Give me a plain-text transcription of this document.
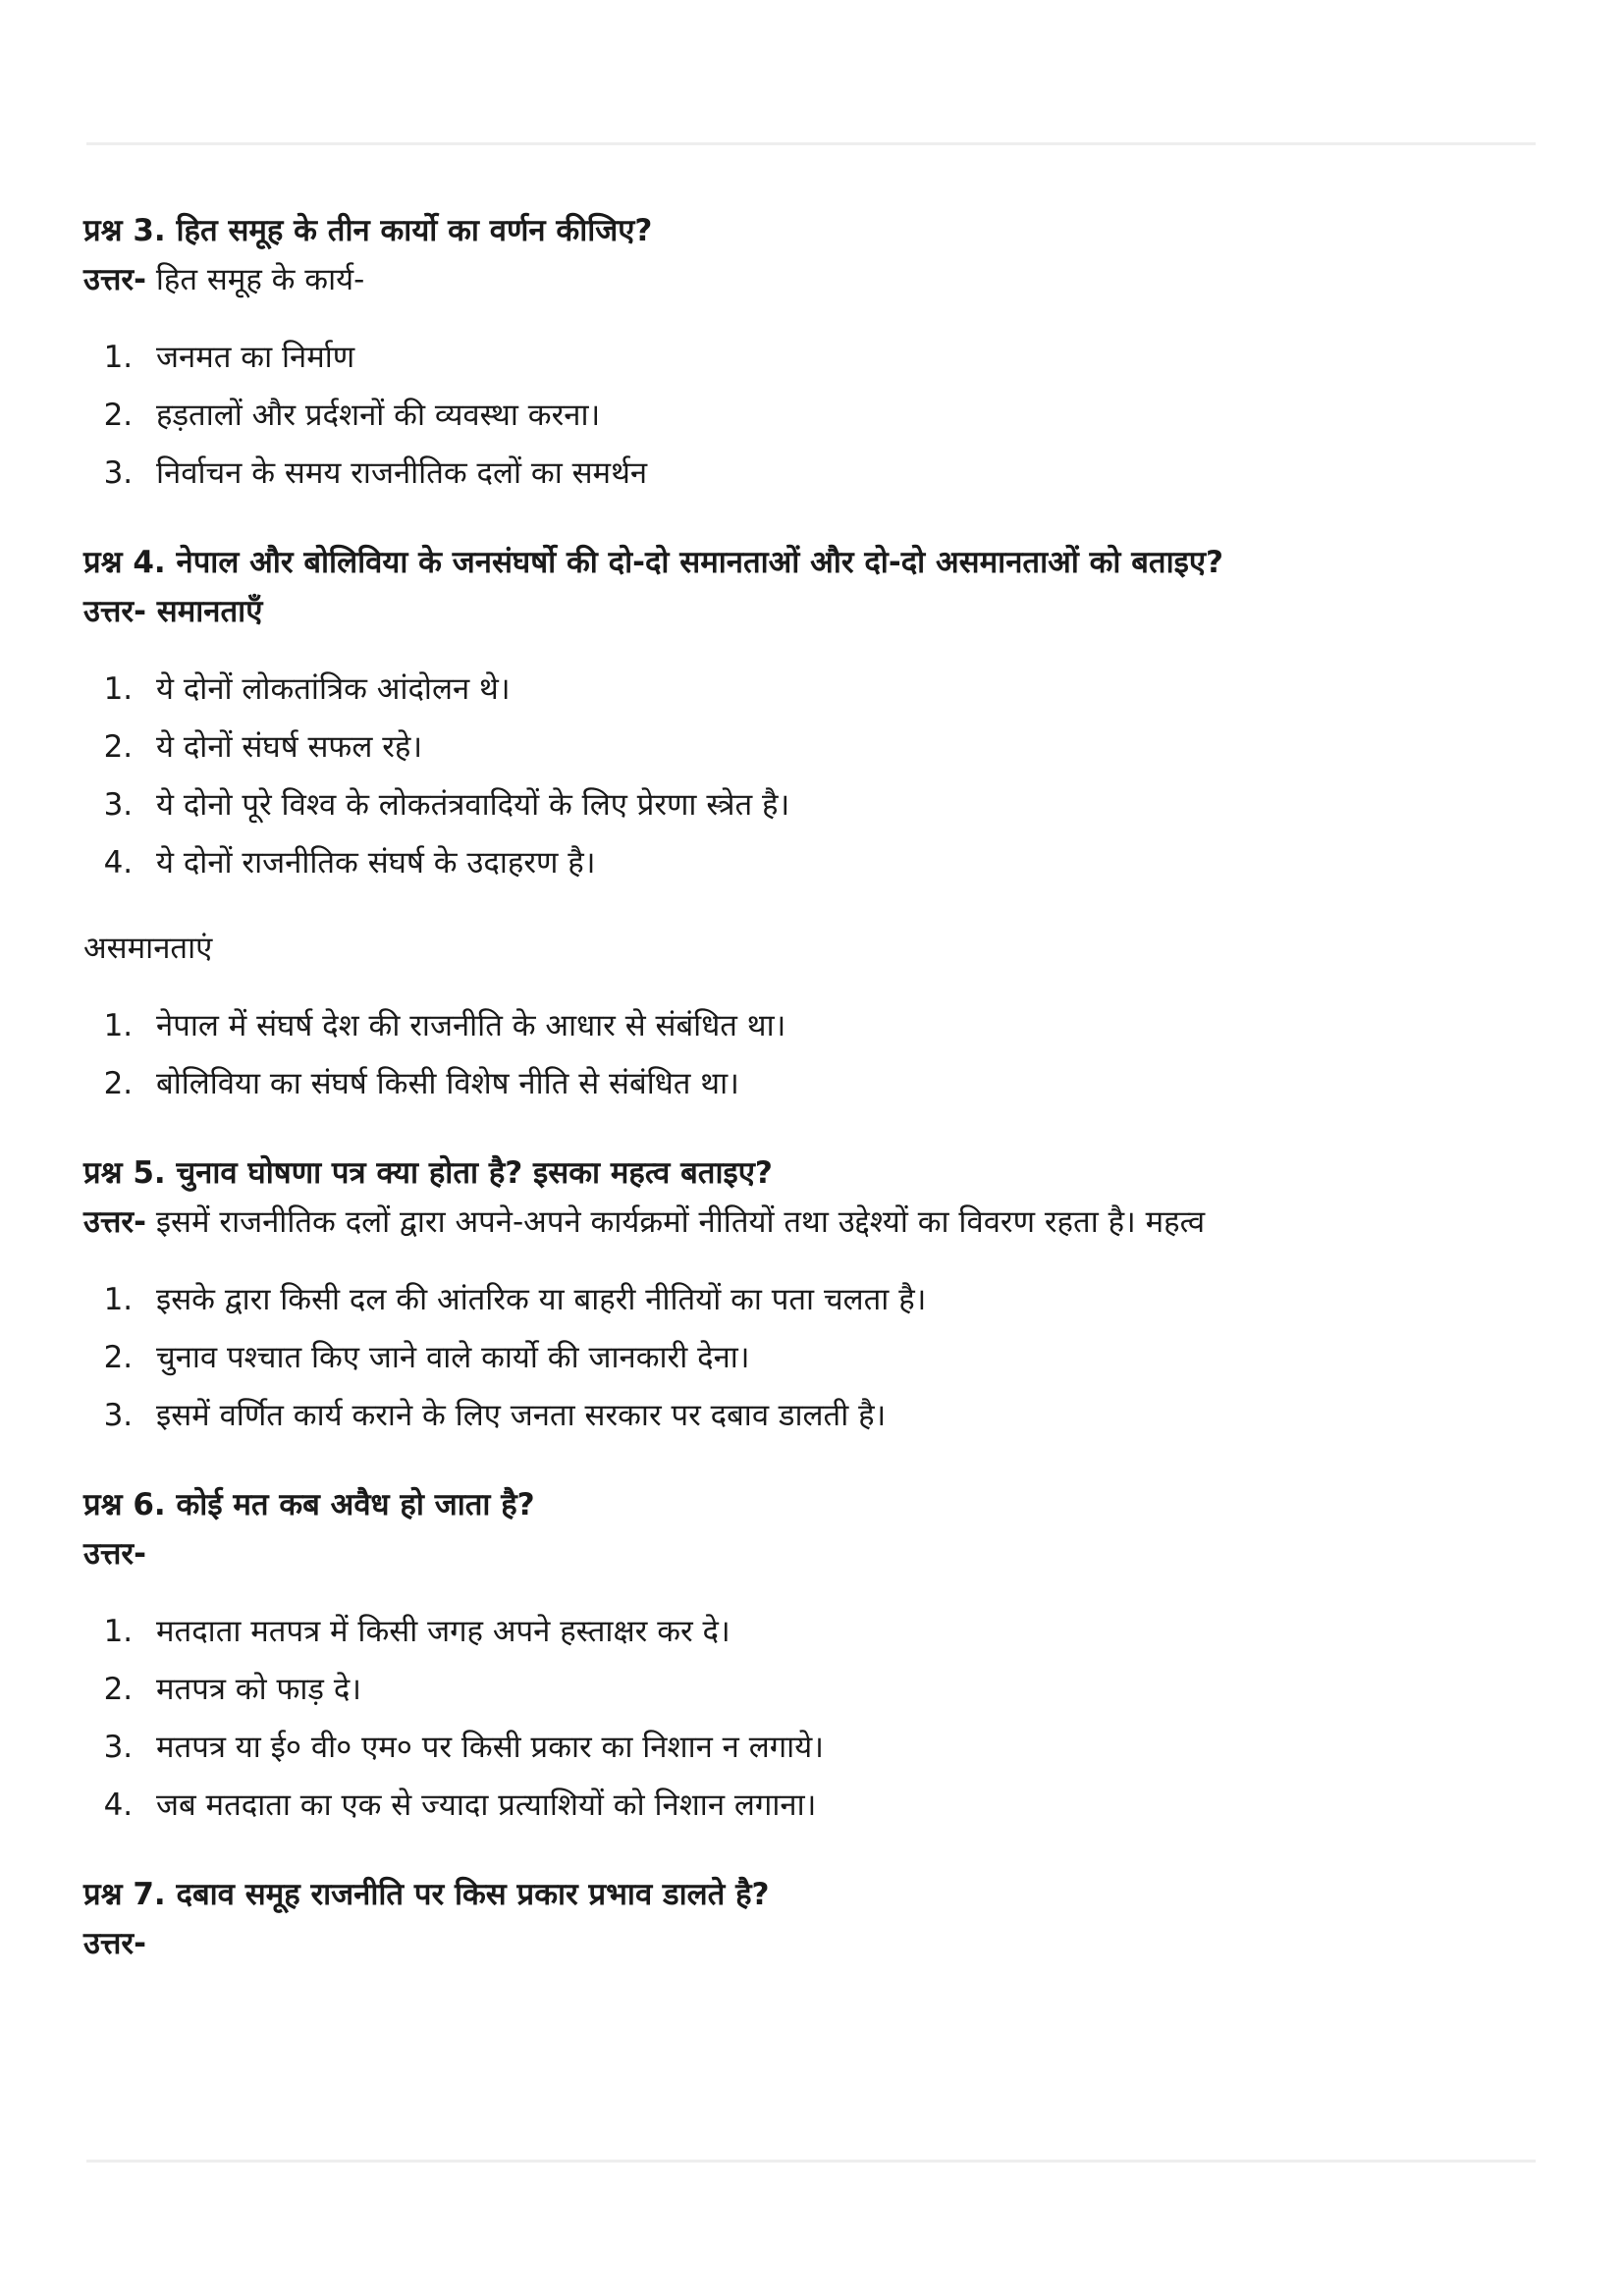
प्रश्न 3. हित समूह के तीन कार्यो का वर्णन कीजिए?

उत्तर- हित समूह के कार्य-

1. जनमत का निर्माण
2. हड़तालों और प्रर्दशनों की व्यवस्था करना।
3. निर्वाचन के समय राजनीतिक दलों का समर्थन

प्रश्न 4. नेपाल और बोलिविया के जनसंघर्षो की दो-दो समानताओं और दो-दो असमानताओं को बताइए?

उत्तर- समानताएँ

1. ये दोनों लोकतांत्रिक आंदोलन थे।
2. ये दोनों संघर्ष सफल रहे।
3. ये दोनो पूरे विश्व के लोकतंत्रवादियों के लिए प्रेरणा स्त्रेत है।
4. ये दोनों राजनीतिक संघर्ष के उदाहरण है।

असमानताएं

1. नेपाल में संघर्ष देश की राजनीति के आधार से संबंधित था।
2. बोलिविया का संघर्ष किसी विशेष नीति से संबंधित था।

प्रश्न 5. चुनाव घोषणा पत्र क्या होता है? इसका महत्व बताइए?

उत्तर- इसमें राजनीतिक दलों द्वारा अपने-अपने कार्यक्रमों नीतियों तथा उद्देश्यों का विवरण रहता है। महत्व

1. इसके द्वारा किसी दल की आंतरिक या बाहरी नीतियों का पता चलता है।
2. चुनाव पश्चात किए जाने वाले कार्यो की जानकारी देना।
3. इसमें वर्णित कार्य कराने के लिए जनता सरकार पर दबाव डालती है।

प्रश्न 6. कोई मत कब अवैध हो जाता है?

उत्तर-

1. मतदाता मतपत्र में किसी जगह अपने हस्ताक्षर कर दे।
2. मतपत्र को फाड़ दे।
3. मतपत्र या ई० वी० एम० पर किसी प्रकार का निशान न लगाये।
4. जब मतदाता का एक से ज्यादा प्रत्याशियों को निशान लगाना।

प्रश्न 7. दबाव समूह राजनीति पर किस प्रकार प्रभाव डालते है?

उत्तर-
